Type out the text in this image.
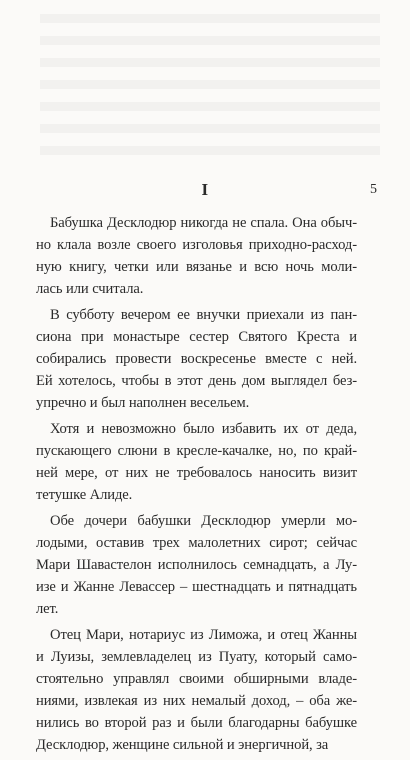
I	5
Бабушка Десклодюр никогда не спала. Она обыч-
но клала возле своего изголовья приходно-расход-
ную книгу, четки или вязанье и всю ночь моли-
лась или считала.
В субботу вечером ее внучки приехали из пан-
сиона при монастыре сестер Святого Креста и
собирались провести воскресенье вместе с ней.
Ей хотелось, чтобы в этот день дом выглядел без-
упречно и был наполнен весельем.
Хотя и невозможно было избавить их от деда,
пускающего слюни в кресле-качалке, но, по край-
ней мере, от них не требовалось наносить визит
тетушке Алиде.
Обе дочери бабушки Десклодюр умерли мо-
лодыми, оставив трех малолетних сирот; сейчас
Мари Шавастелон исполнилось семнадцать, а Лу-
изе и Жанне Левассер – шестнадцать и пятнадцать
лет.
Отец Мари, нотариус из Лиможа, и отец Жанны
и Луизы, землевладелец из Пуату, который само-
стоятельно управлял своими обширными владе-
ниями, извлекая из них немалый доход, – оба же-
нились во второй раз и были благодарны бабушке
Десклодюр, женщине сильной и энергичной, за
